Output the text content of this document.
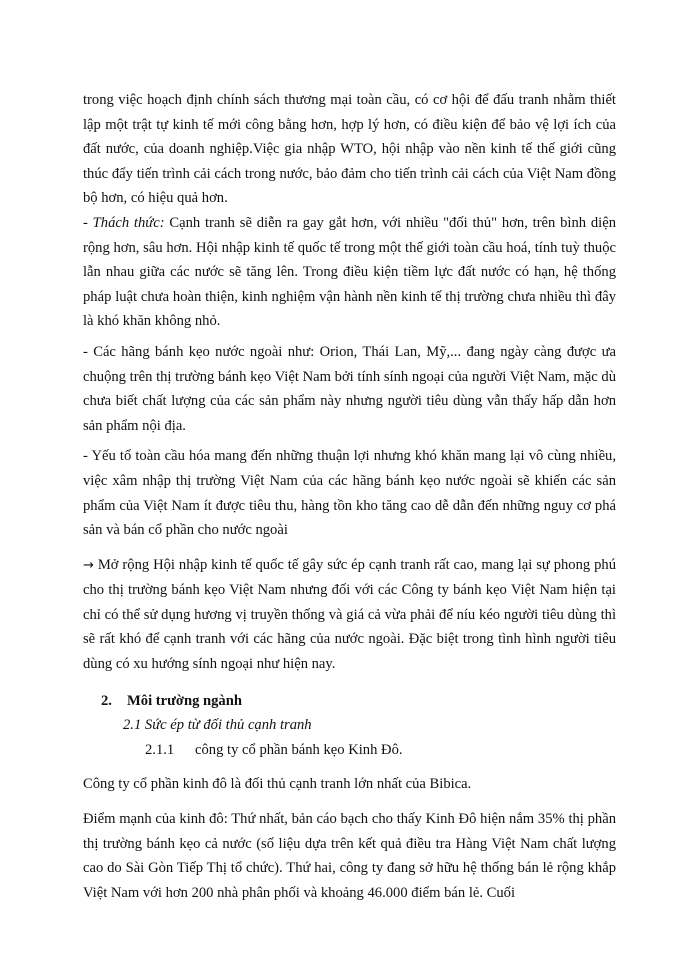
trong việc hoạch định chính sách thương mại toàn cầu, có cơ hội để đấu tranh nhằm thiết lập một trật tự kinh tế mới công bằng hơn, hợp lý hơn, có điều kiện để bảo vệ lợi ích của đất nước, của doanh nghiệp.Việc gia nhập WTO, hội nhập vào nền kinh tế thế giới cũng thúc đẩy tiến trình cải cách trong nước, bảo đảm cho tiến trình cải cách của Việt Nam đồng bộ hơn, có hiệu quả hơn.

- Thách thức: Cạnh tranh sẽ diễn ra gay gắt hơn, với nhiều "đối thủ" hơn, trên bình diện rộng hơn, sâu hơn. Hội nhập kinh tế quốc tế trong một thế giới toàn cầu hoá, tính tuỳ thuộc lẫn nhau giữa các nước sẽ tăng lên. Trong điều kiện tiềm lực đất nước có hạn, hệ thống pháp luật chưa hoàn thiện, kinh nghiệm vận hành nền kinh tế thị trường chưa nhiều thì đây là khó khăn không nhỏ.

- Các hãng bánh kẹo nước ngoài như: Orion, Thái Lan, Mỹ,... đang ngày càng được ưa chuộng trên thị trường bánh kẹo Việt Nam bởi tính sính ngoại của người Việt Nam, mặc dù chưa biết chất lượng của các sản phẩm này nhưng người tiêu dùng vẫn thấy hấp dẫn hơn sản phẩm nội địa.

- Yếu tố toàn cầu hóa mang đến những thuận lợi nhưng khó khăn mang lại vô cùng nhiều, việc xâm nhập thị trường Việt Nam của các hãng bánh kẹo nước ngoài sẽ khiến các sản phẩm của Việt Nam ít được tiêu thu, hàng tồn kho tăng cao dễ dẫn đến những nguy cơ phá sản và bán cổ phần cho nước ngoài

→ Mở rộng Hội nhập kinh tế quốc tế gây sức ép cạnh tranh rất cao, mang lại sự phong phú cho thị trường bánh kẹo Việt Nam nhưng đối với các Công ty bánh kẹo Việt Nam hiện tại chỉ có thể sử dụng hương vị truyền thống và giá cả vừa phải để níu kéo người tiêu dùng thì sẽ rất khó để cạnh tranh với các hãng của nước ngoài. Đặc biệt trong tình hình người tiêu dùng có xu hướng sính ngoại như hiện nay.

2. Môi trường ngành
2.1 Sức ép từ đối thủ cạnh tranh
2.1.1 công ty cổ phần bánh kẹo Kinh Đô.

Công ty cổ phần kinh đô là đối thủ cạnh tranh lớn nhất của Bibica.

Điểm mạnh của kinh đô: Thứ nhất, bản cáo bạch cho thấy Kinh Đô hiện nắm 35% thị phần thị trường bánh kẹo cả nước (số liệu dựa trên kết quả điều tra Hàng Việt Nam chất lượng cao do Sài Gòn Tiếp Thị tổ chức). Thứ hai, công ty đang sở hữu hệ thống bán lẻ rộng khắp Việt Nam với hơn 200 nhà phân phối và khoảng 46.000 điểm bán lẻ. Cuối
